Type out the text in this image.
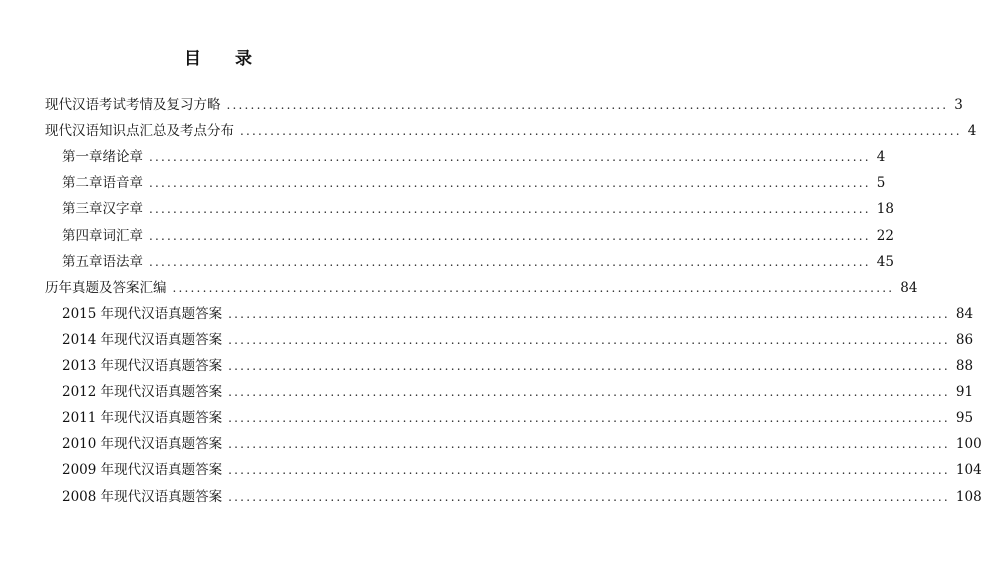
目 录
现代汉语考试考情及复习方略 ........................................................................................................................ 3
现代汉语知识点汇总及考点分布 ........................................................................................................................ 4
第一章 绪论章 ........................................................................................................................ 4
第二章 语音章 ........................................................................................................................ 5
第三章 汉字章 ........................................................................................................................ 18
第四章 词汇章 ........................................................................................................................ 22
第五章 语法章 ........................................................................................................................ 45
历年真题及答案汇编 ........................................................................................................................ 84
2015 年现代汉语真题答案 ........................................................................................................................ 84
2014 年现代汉语真题答案 ........................................................................................................................ 86
2013 年现代汉语真题答案 ........................................................................................................................ 88
2012 年现代汉语真题答案 ........................................................................................................................ 91
2011 年现代汉语真题答案 ........................................................................................................................ 95
2010 年现代汉语真题答案 ........................................................................................................................ 100
2009 年现代汉语真题答案 ........................................................................................................................ 104
2008 年现代汉语真题答案 ........................................................................................................................ 108
